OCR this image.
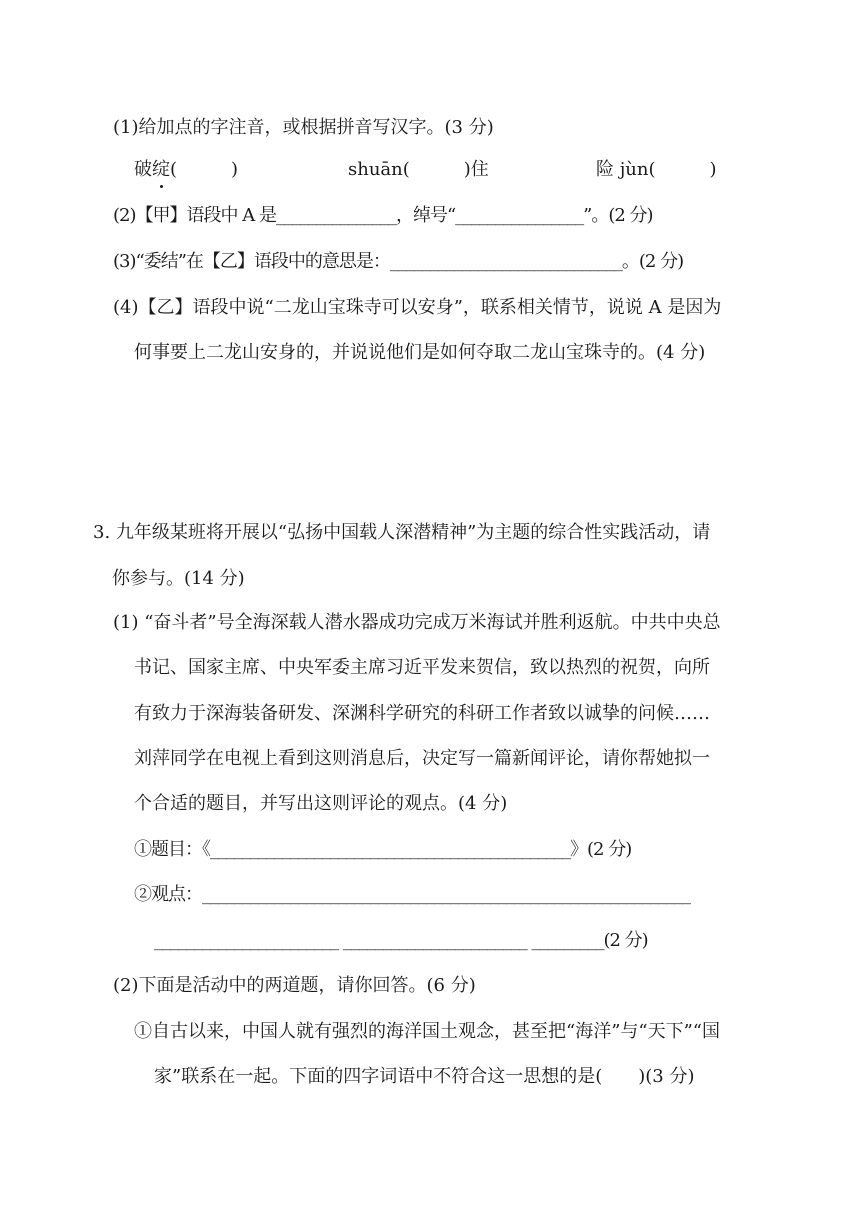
(1)给加点的字注音，或根据拼音写汉字。(3 分)
破绽(　　　)	shuān(　　　	)住	险 jùn(　　　)
(2)【甲】语段中 A 是_______________，绰号“________________”。(2 分)
(3)“委结”在【乙】语段中的意思是：_____________________________。(2 分)
(4)【乙】语段中说“二龙山宝珠寺可以安身”，联系相关情节，说说 A 是因为
何事要上二龙山安身的，并说说他们是如何夺取二龙山宝珠寺的。(4 分)
3. 九年级某班将开展以“弘扬中国载人深潜精神”为主题的综合性实践活动，请
你参与。(14 分)
(1) “奋斗者”号全海深载人潜水器成功完成万米海试并胜利返航。中共中央总
书记、国家主席、中央军委主席习近平发来贺信，致以热烈的祝贺，向所
有致力于深海装备研发、深渊科学研究的科研工作者致以诚挚的问候……
刘萍同学在电视上看到这则消息后，决定写一篇新闻评论，请你帮她拟一
个合适的题目，并写出这则评论的观点。(4 分)
①题目：《_____________________________________________》(2 分)
②观点：_____________________________________________________________
_______________________ _______________________ _________(2 分)
(2)下面是活动中的两道题，请你回答。(6 分)
①自古以来，中国人就有强烈的海洋国土观念，甚至把“海洋”与“天下”“国
家”联系在一起。下面的四字词语中不符合这一思想的是(　　)(3 分)
